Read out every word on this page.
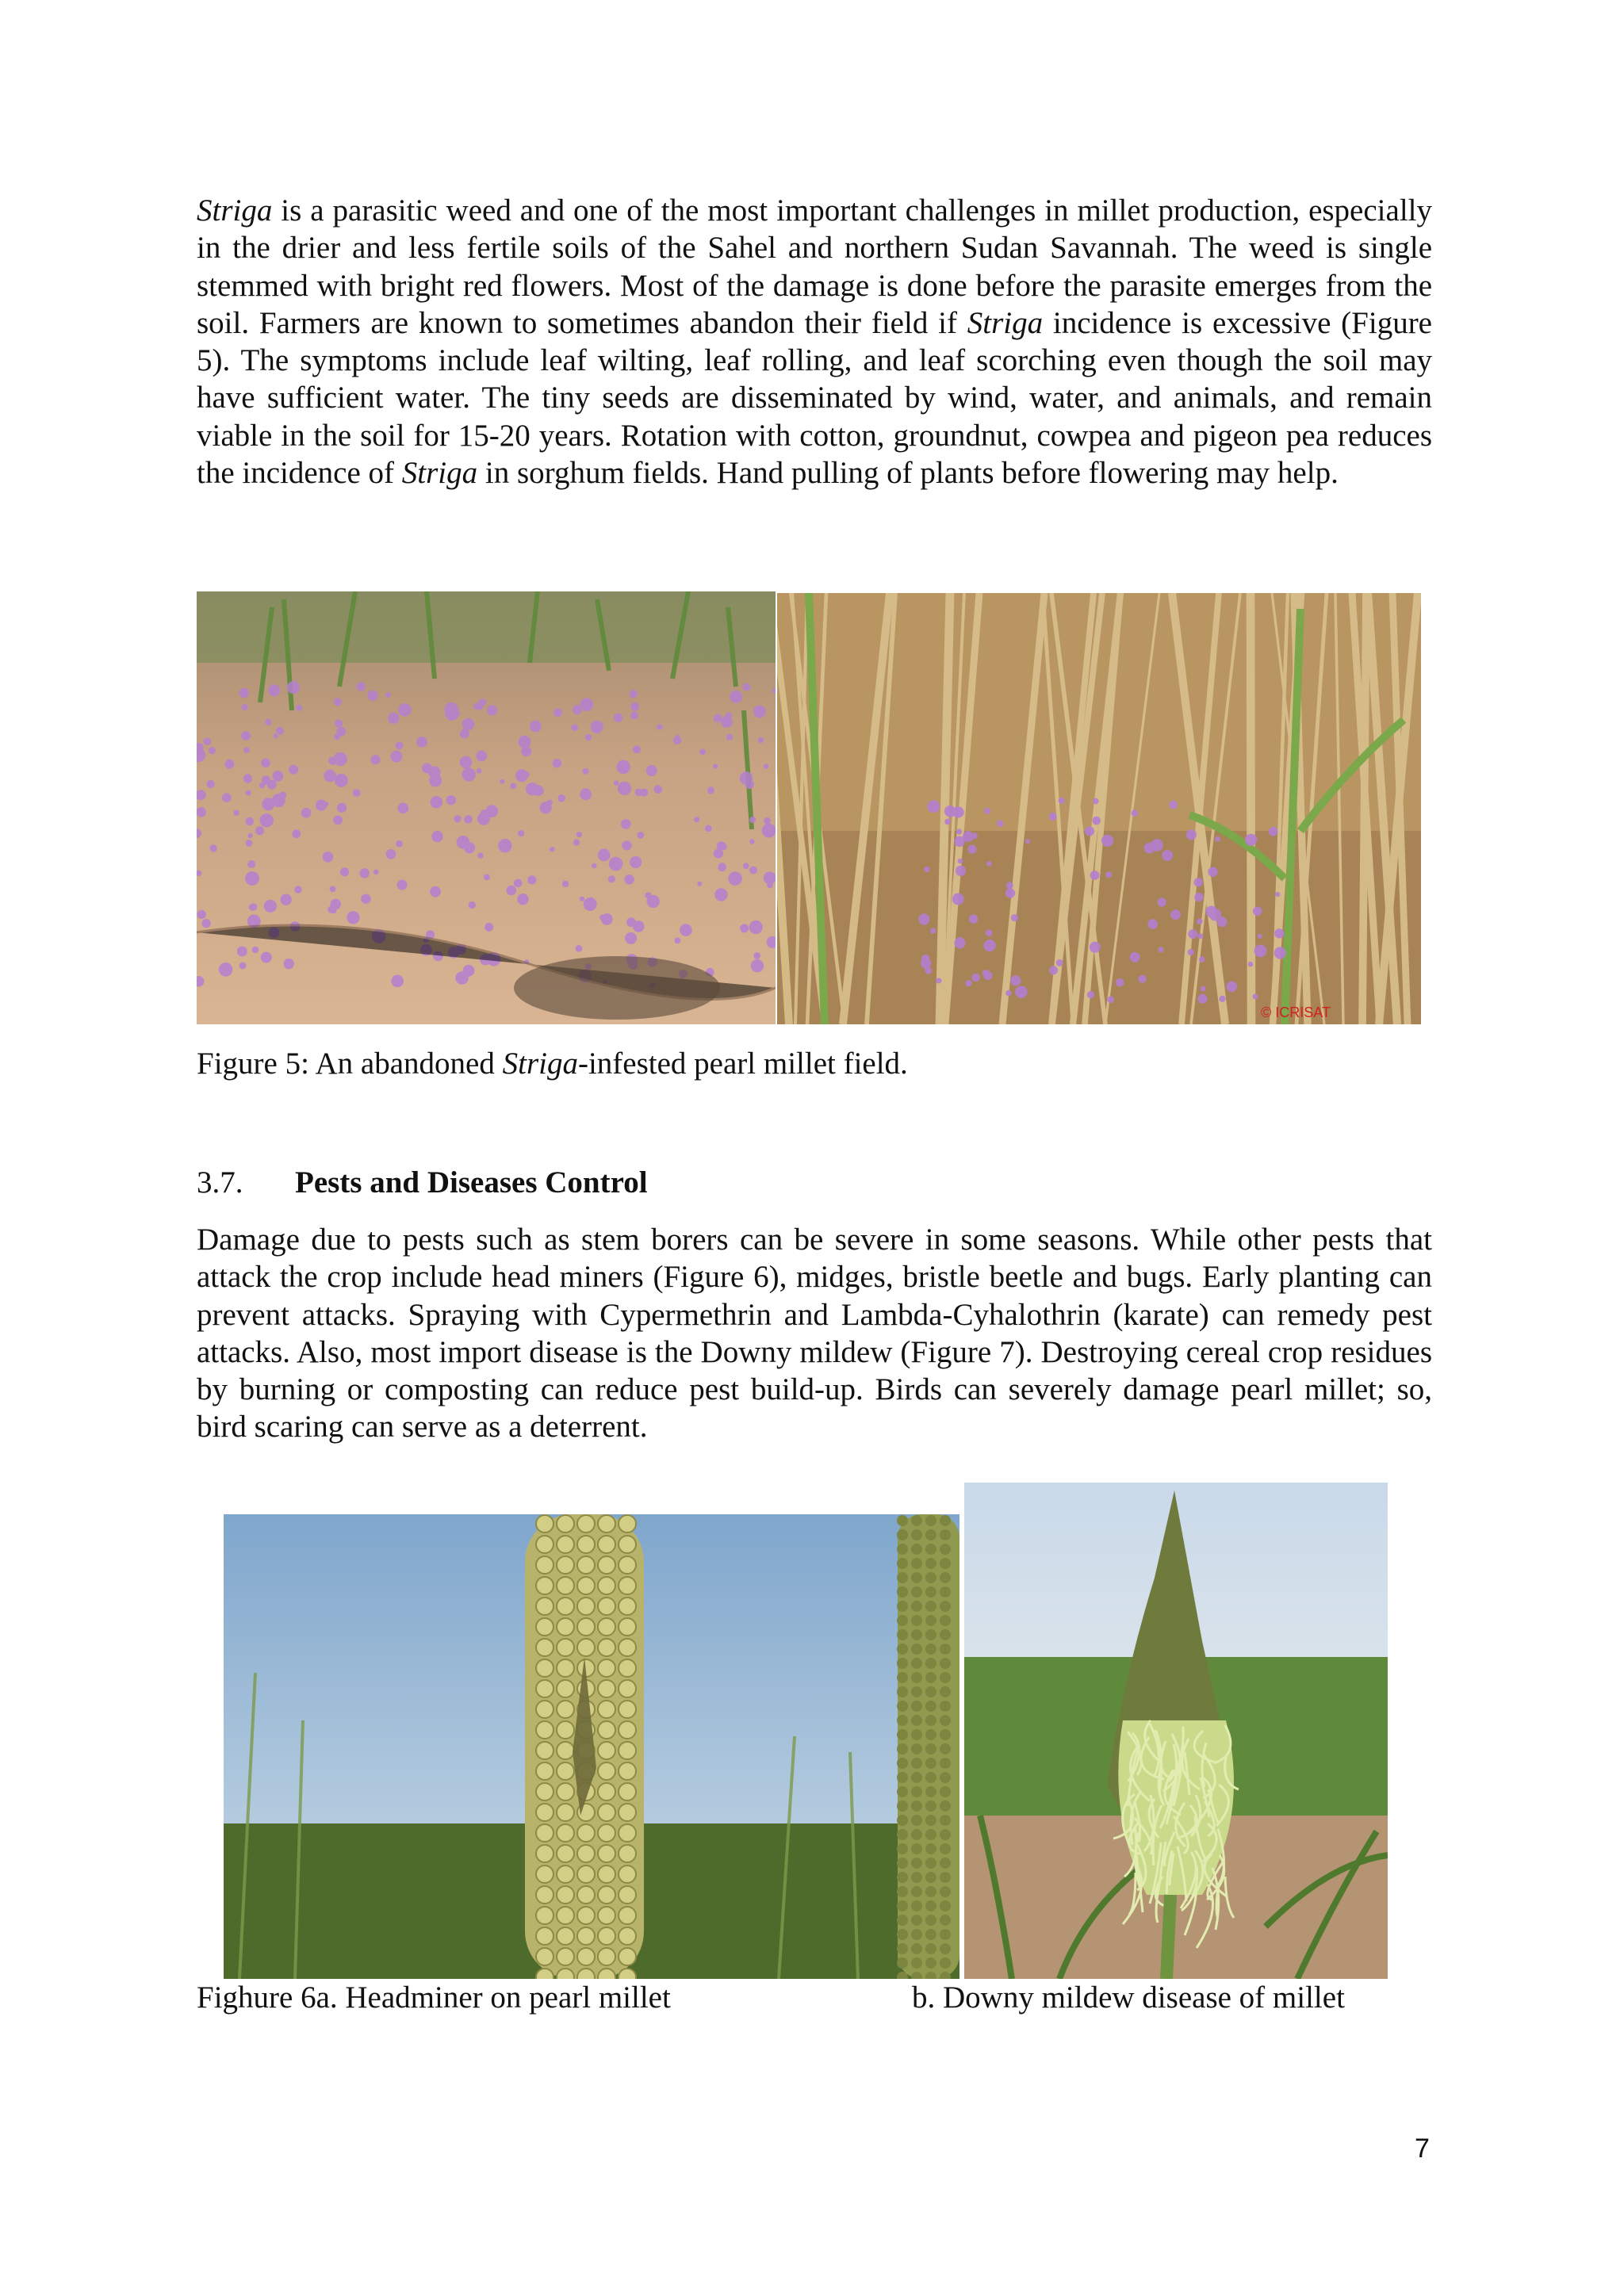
Striga is a parasitic weed and one of the most important challenges in millet production, especially in the drier and less fertile soils of the Sahel and northern Sudan Savannah. The weed is single stemmed with bright red flowers. Most of the damage is done before the parasite emerges from the soil. Farmers are known to sometimes abandon their field if Striga incidence is excessive (Figure 5). The symptoms include leaf wilting, leaf rolling, and leaf scorching even though the soil may have sufficient water. The tiny seeds are disseminated by wind, water, and animals, and remain viable in the soil for 15-20 years. Rotation with cotton, groundnut, cowpea and pigeon pea reduces the incidence of Striga in sorghum fields. Hand pulling of plants before flowering may help.

© ICRISAT

Figure 5: An abandoned Striga-infested pearl millet field.

3.7. Pests and Diseases Control

Damage due to pests such as stem borers can be severe in some seasons. While other pests that attack the crop include head miners (Figure 6), midges, bristle beetle and bugs. Early planting can prevent attacks. Spraying with Cypermethrin and Lambda-Cyhalothrin (karate) can remedy pest attacks. Also, most import disease is the Downy mildew (Figure 7). Destroying cereal crop residues by burning or composting can reduce pest build-up. Birds can severely damage pearl millet; so, bird scaring can serve as a deterrent.

Fighure 6a. Headminer on pearl millet	b. Downy mildew disease of millet

7
